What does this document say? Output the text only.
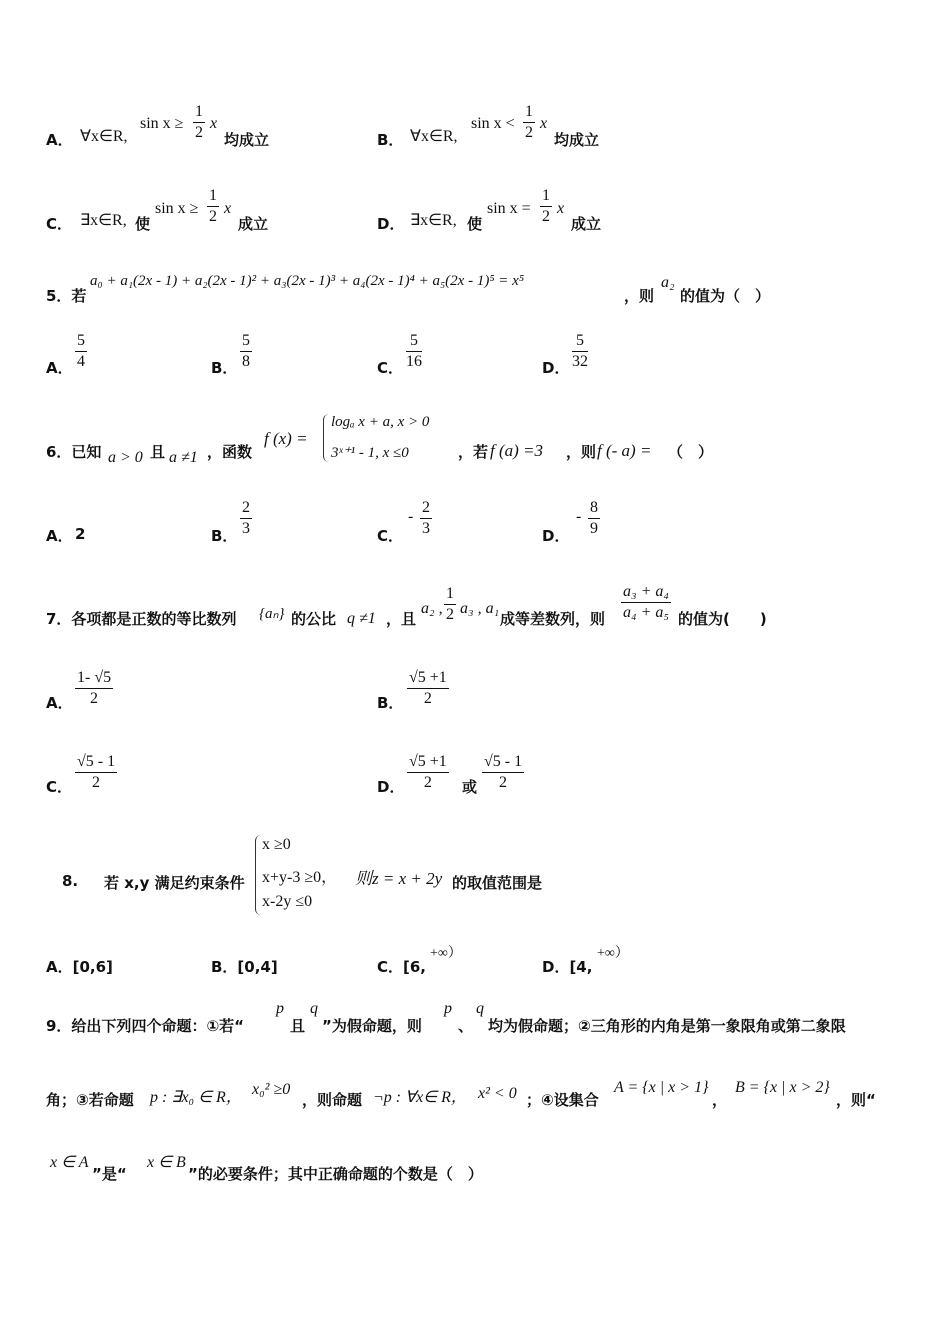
A． ∀x∈R,
$\sin x \ge \frac{1}{2}$ x
均成立	B． ∀x∈R,
$\sin x < \frac{1}{2}$ x
均成立
C． ∃x∈R, 使
$\sin x \ge \frac{1}{2}$ x
成立	D． ∃x∈R, 使
$\sin x = \frac{1}{2}$ x
成立
5．若
a₀ + a₁(2x - 1) + a₂(2x - 1)² + a₃(2x - 1)³ + a₄(2x - 1)⁴ + a₅(2x - 1)⁵ = x⁵
，则
a₂
的值为（　）
A． $\frac{5}{4}$	B． $\frac{5}{8}$	C． $\frac{5}{16}$	D． $\frac{5}{32}$
6．已知 a > 0 且 a ≠1 ，函数
f (x) =
logₐ x + a, x > 0
3ˣ⁺¹ - 1, x ≤0	，若 f (a) =3 ，则 f (- a) = （　）
A． 2	B． $\frac{2}{3}$	C．
- $\frac{2}{3}$	D．
- $\frac{8}{9}$
7．各项都是正数的等比数列 {aₙ} 的公比 q ≠1 ，且
a₂ , $\frac{1}{2} a_3$ , a₁
成等差数列，则 $\frac{\text{a₃ + a₄}}{\text{a₄ + a₅}}$ 的值为(　　)
A． $\frac{1- √5}{2}$	B． $\frac{√5 +1}{2}$
C． $\frac{√5 - 1}{2}$	D． $\frac{√5 +1}{2}$ 或 $\frac{√5 - 1}{2}$
8. 若 x,y 满足约束条件
x ≥0
x+y-3 ≥0， 则z = x + 2y
x-2y ≤0
的取值范围是
A．[0,6]	B．[0,4]	C．[6,
+∞）
D．[4,
+∞）
9．给出下列四个命题：①若“
p
且
q
”为假命题，则
p
、
q
均为假命题；②三角形的内角是第一象限角或第二象限
角；③若命题 p : ∃x₀ ∈ R， x₀² ≥0
，则命题 ¬p : ∀x∈ R， x² < 0 ；④设集合
A = {x | x > 1}
，
B = {x | x > 2}
，则“
x ∈ A
”是“
x ∈ B
”的必要条件；其中正确命题的个数是（　）
